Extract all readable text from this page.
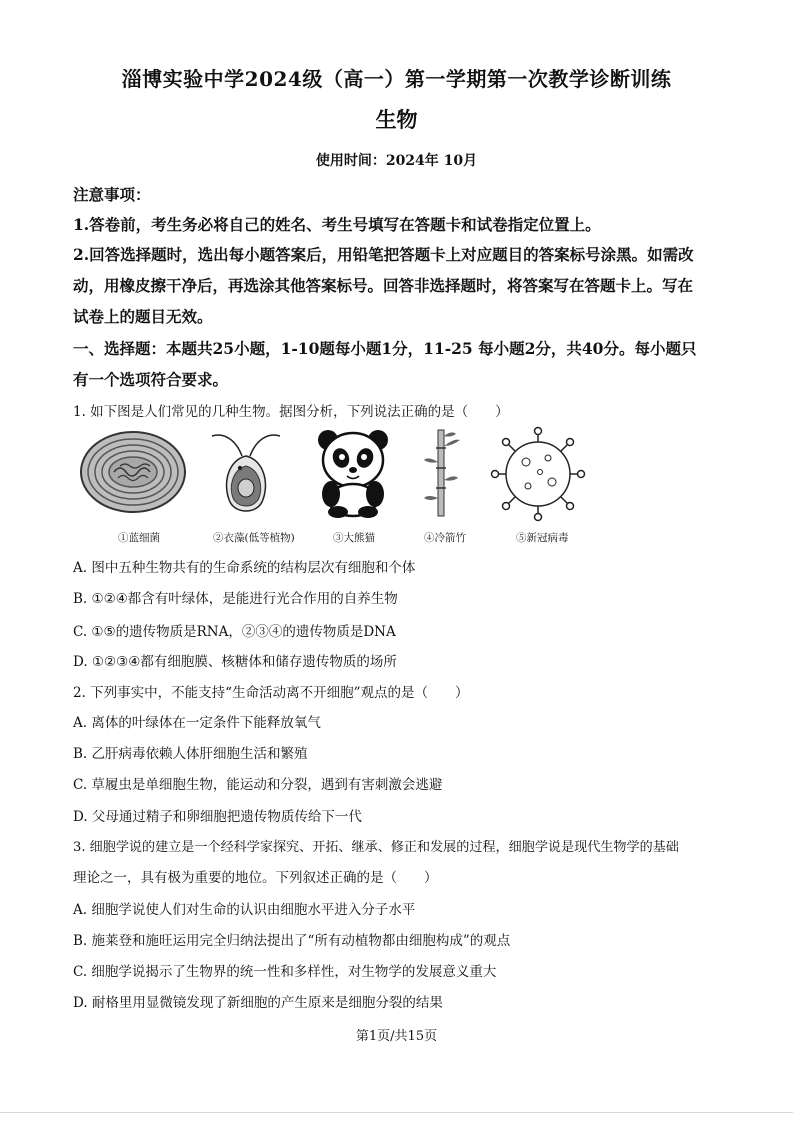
淄博实验中学2024级（高一）第一学期第一次教学诊断训练
生物
使用时间：2024年 10月
注意事项：
1.答卷前，考生务必将自己的姓名、考生号填写在答题卡和试卷指定位置上。
2.回答选择题时，选出每小题答案后，用铅笔把答题卡上对应题目的答案标号涂黑。如需改
动，用橡皮擦干净后，再选涂其他答案标号。回答非选择题时，将答案写在答题卡上。写在
试卷上的题目无效。
一、选择题：本题共25小题，1-10题每小题1分，11-25 每小题2分，共40分。每小题只
有一个选项符合要求。
1. 如下图是人们常见的几种生物。据图分析，下列说法正确的是（　　）
①蓝细菌	②衣藻(低等植物)	③大熊猫	④冷箭竹	⑤新冠病毒
A. 图中五种生物共有的生命系统的结构层次有细胞和个体
B. ①②④都含有叶绿体，是能进行光合作用的自养生物
C. ①⑤的遗传物质是RNA，②③④的遗传物质是DNA
D. ①②③④都有细胞膜、核糖体和储存遗传物质的场所
2. 下列事实中，不能支持“生命活动离不开细胞”观点的是（　　）
A. 离体的叶绿体在一定条件下能释放氧气
B. 乙肝病毒依赖人体肝细胞生活和繁殖
C. 草履虫是单细胞生物，能运动和分裂，遇到有害刺激会逃避
D. 父母通过精子和卵细胞把遗传物质传给下一代
3. 细胞学说的建立是一个经科学家探究、开拓、继承、修正和发展的过程，细胞学说是现代生物学的基础
理论之一，具有极为重要的地位。下列叙述正确的是（　　）
A. 细胞学说使人们对生命的认识由细胞水平进入分子水平
B. 施莱登和施旺运用完全归纳法提出了“所有动植物都由细胞构成”的观点
C. 细胞学说揭示了生物界的统一性和多样性，对生物学的发展意义重大
D. 耐格里用显微镜发现了新细胞的产生原来是细胞分裂的结果
第1页/共15页
